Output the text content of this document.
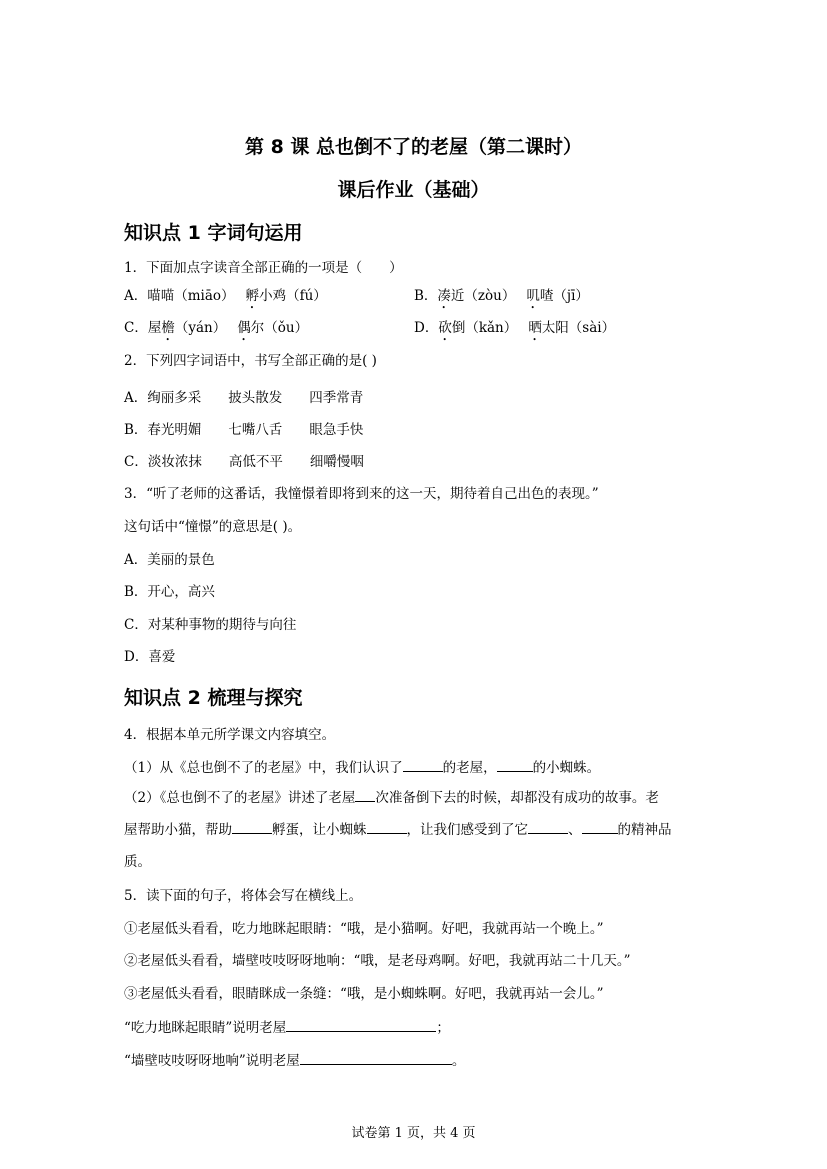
第 8 课 总也倒不了的老屋（第二课时）
课后作业（基础）
知识点 1 字词句运用
1．下面加点字读音全部正确的一项是（　　）
A．喵喵（miāo）　 孵小鸡（fú）	B．凑近（zòu）　 叽喳（jī）
C．屋檐（yán）　 偶尔（ǒu）	D．砍倒（kǎn）　 晒太阳（sài）
2．下列四字词语中，书写全部正确的是( )
A．绚丽多采　　披头散发　　四季常青
B．春光明媚　　七嘴八舌　　眼急手快
C．淡妆浓抹　　高低不平　　细嚼慢咽
3．“听了老师的这番话，我憧憬着即将到来的这一天，期待着自己出色的表现。”
这句话中“憧憬”的意思是( )。
A．美丽的景色
B．开心，高兴
C．对某种事物的期待与向往
D．喜爱
知识点 2 梳理与探究
4．根据本单元所学课文内容填空。
（1）从《总也倒不了的老屋》中，我们认识了	的老屋，	的小蜘蛛。
（2）《总也倒不了的老屋》讲述了老屋 次准备倒下去的时候，却都没有成功的故事。老
屋帮助小猫，帮助	孵蛋，让小蜘蛛	，让我们感受到了它	、	的精神品
质。
5．读下面的句子，将体会写在横线上。
①老屋低头看看，吃力地眯起眼睛：“哦，是小猫啊。好吧，我就再站一个晚上。”
②老屋低头看看，墙壁吱吱呀呀地响：“哦，是老母鸡啊。好吧，我就再站二十几天。”
③老屋低头看看，眼睛眯成一条缝：“哦，是小蜘蛛啊。好吧，我就再站一会儿。”
“吃力地眯起眼睛”说明老屋	；
“墙壁吱吱呀呀地响”说明老屋	。
试卷第 1 页，共 4 页
